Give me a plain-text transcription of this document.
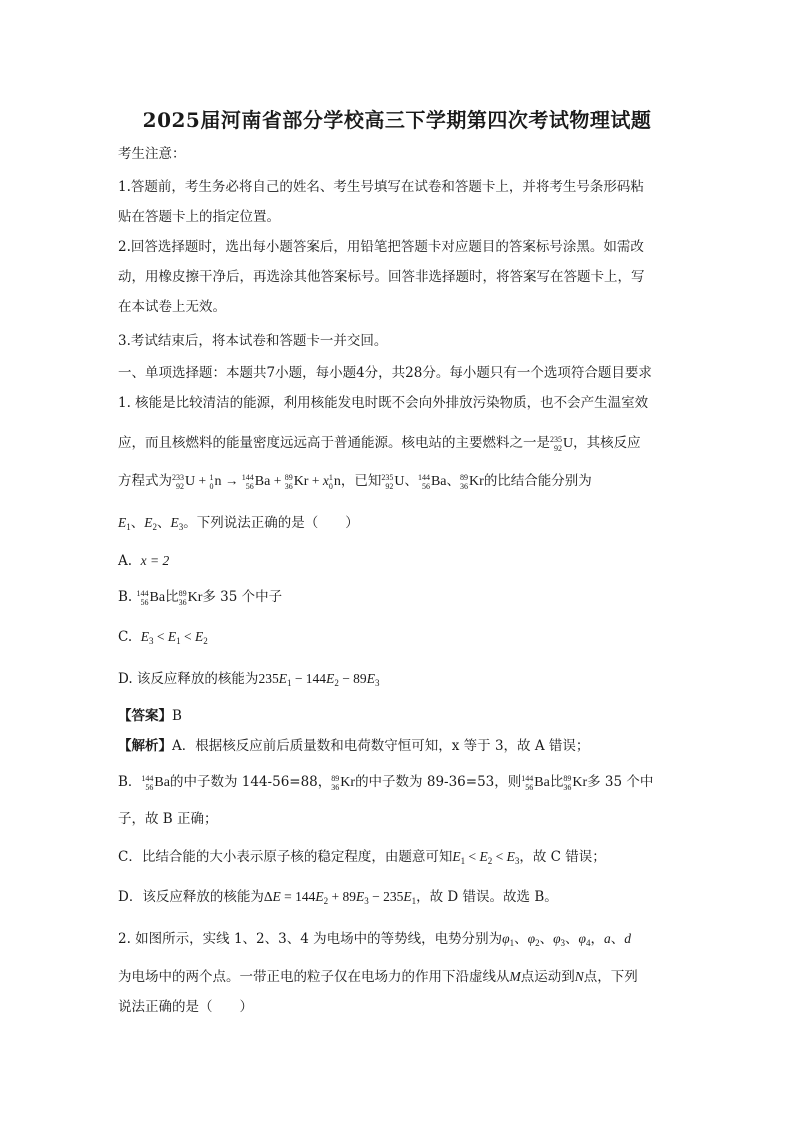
2025届河南省部分学校高三下学期第四次考试物理试题
考生注意：
1.答题前，考生务必将自己的姓名、考生号填写在试卷和答题卡上，并将考生号条形码粘
贴在答题卡上的指定位置。
2.回答选择题时，选出每小题答案后，用铅笔把答题卡对应题目的答案标号涂黑。如需改
动，用橡皮擦干净后，再选涂其他答案标号。回答非选择题时，将答案写在答题卡上，写
在本试卷上无效。
3.考试结束后，将本试卷和答题卡一并交回。
一、单项选择题：本题共7小题，每小题4分，共28分。每小题只有一个选项符合题目要求
1. 核能是比较清洁的能源，利用核能发电时既不会向外排放污染物质，也不会产生温室效
应，而且核燃料的能量密度远远高于普通能源。核电站的主要燃料之一是 235
92 U，其核反应
方程式为 233
92 U + 1
0 n → 144
56 Ba + 89
36 Kr + x 1
0 n，已知 235
92 U、 144
56 Ba、 89
36 Kr的比结合能分别为
$E_1$、$E_2$、$E_3$。下列说法正确的是（　　）
A. x = 2
B. 144
56 Ba比 89
36 Kr多 35 个中子
C. $E_3 < E_1 < E_2$
D. 该反应释放的核能为$235E_1 - 144E_2 - 89E_3$
【答案】B
【解析】A．根据核反应前后质量数和电荷数守恒可知，x 等于 3，故 A 错误；
B． 144
56 Ba的中子数为 144-56=88， 89
36 Kr的中子数为 89-36=53，则 144
56 Ba比 89
36 Kr多 35 个中
子，故 B 正确；
C．比结合能的大小表示原子核的稳定程度，由题意可知$E_1 < E_2 < E_3$，故 C 错误；
D．该反应释放的核能为$\Delta E = 144E_2 + 89E_3 - 235E_1$，故 D 错误。故选 B。
2. 如图所示，实线 1、2、3、4 为电场中的等势线，电势分别为$\varphi_1$、$\varphi_2$、$\varphi_3$、$\varphi_4$，a、d
为电场中的两个点。一带正电的粒子仅在电场力的作用下沿虚线从M点运动到N点，下列
说法正确的是（　　）
